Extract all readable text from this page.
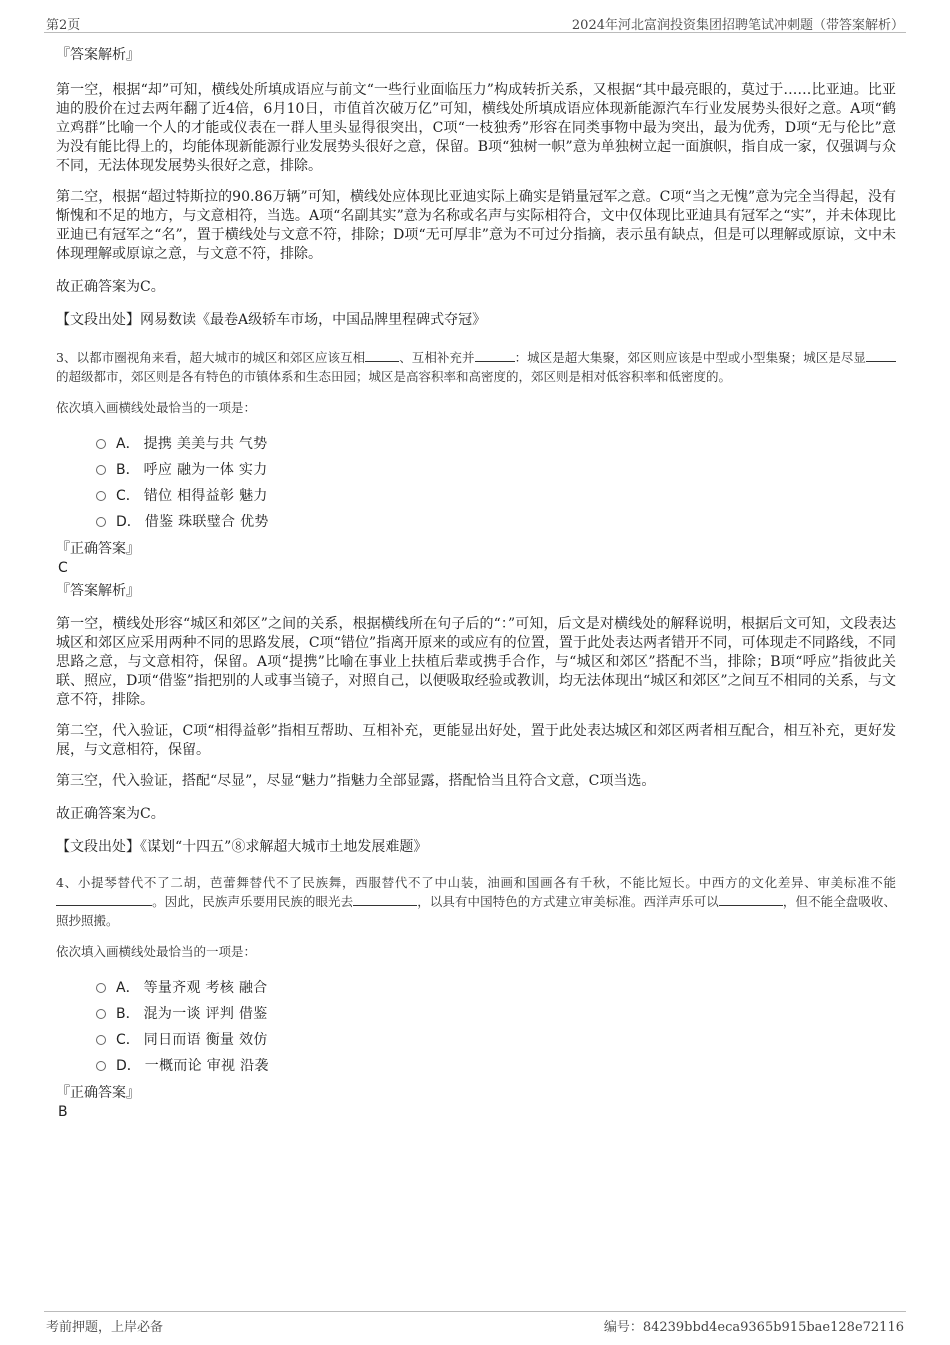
第2页	2024年河北富润投资集团招聘笔试冲刺题（带答案解析）

『答案解析』

第一空，根据“却”可知，横线处所填成语应与前文“一些行业面临压力”构成转折关系，又根据“其中最亮眼的，莫过于……比亚迪。比亚迪的股价在过去两年翻了近4倍，6月10日，市值首次破万亿”可知，横线处所填成语应体现新能源汽车行业发展势头很好之意。A项“鹤立鸡群”比喻一个人的才能或仪表在一群人里头显得很突出，C项“一枝独秀”形容在同类事物中最为突出，最为优秀，D项“无与伦比”意为没有能比得上的，均能体现新能源行业发展势头很好之意，保留。B项“独树一帜”意为单独树立起一面旗帜，指自成一家，仅强调与众不同，无法体现发展势头很好之意，排除。

第二空，根据“超过特斯拉的90.86万辆”可知，横线处应体现比亚迪实际上确实是销量冠军之意。C项“当之无愧”意为完全当得起，没有惭愧和不足的地方，与文意相符，当选。A项“名副其实”意为名称或名声与实际相符合，文中仅体现比亚迪具有冠军之“实”，并未体现比亚迪已有冠军之“名”，置于横线处与文意不符，排除；D项“无可厚非”意为不可过分指摘，表示虽有缺点，但是可以理解或原谅，文中未体现理解或原谅之意，与文意不符，排除。

故正确答案为C。

【文段出处】网易数读《最卷A级轿车市场，中国品牌里程碑式夺冠》

3、以都市圈视角来看，超大城市的城区和郊区应该互相	、互相补充并	：城区是超大集聚，郊区则应该是中型或小型集聚；城区是尽显的超级都市，郊区则是各有特色的市镇体系和生态田园；城区是高容积率和高密度的，郊区则是相对低容积率和低密度的。

依次填入画横线处最恰当的一项是：

A． 提携 美美与共 气势
B． 呼应 融为一体 实力
C． 错位 相得益彰 魅力
D． 借鉴 珠联璧合 优势

『正确答案』

C

『答案解析』

第一空，横线处形容“城区和郊区”之间的关系，根据横线所在句子后的“：”可知，后文是对横线处的解释说明，根据后文可知，文段表达城区和郊区应采用两种不同的思路发展，C项“错位”指离开原来的或应有的位置，置于此处表达两者错开不同，可体现走不同路线，不同思路之意，与文意相符，保留。A项“提携”比喻在事业上扶植后辈或携手合作，与“城区和郊区”搭配不当，排除；B项“呼应”指彼此关联、照应，D项“借鉴”指把别的人或事当镜子，对照自己，以便吸取经验或教训，均无法体现出“城区和郊区”之间互不相同的关系，与文意不符，排除。

第二空，代入验证，C项“相得益彰”指相互帮助、互相补充，更能显出好处，置于此处表达城区和郊区两者相互配合，相互补充，更好发展，与文意相符，保留。

第三空，代入验证，搭配“尽显”，尽显“魅力”指魅力全部显露，搭配恰当且符合文意，C项当选。

故正确答案为C。

【文段出处】《谋划“十四五”⑧求解超大城市土地发展难题》

4、小提琴替代不了二胡，芭蕾舞替代不了民族舞，西服替代不了中山装，油画和国画各有千秋，不能比短长。中西方的文化差异、审美标准不能。因此，民族声乐要用民族的眼光去	，以具有中国特色的方式建立审美标准。西洋声乐可以	，但不能全盘吸收、照抄照搬。

依次填入画横线处最恰当的一项是：

A． 等量齐观 考核 融合
B． 混为一谈 评判 借鉴
C． 同日而语 衡量 效仿
D． 一概而论 审视 沿袭

『正确答案』

B

考前押题，上岸必备	编号：84239bbd4eca9365b915bae128e72116
